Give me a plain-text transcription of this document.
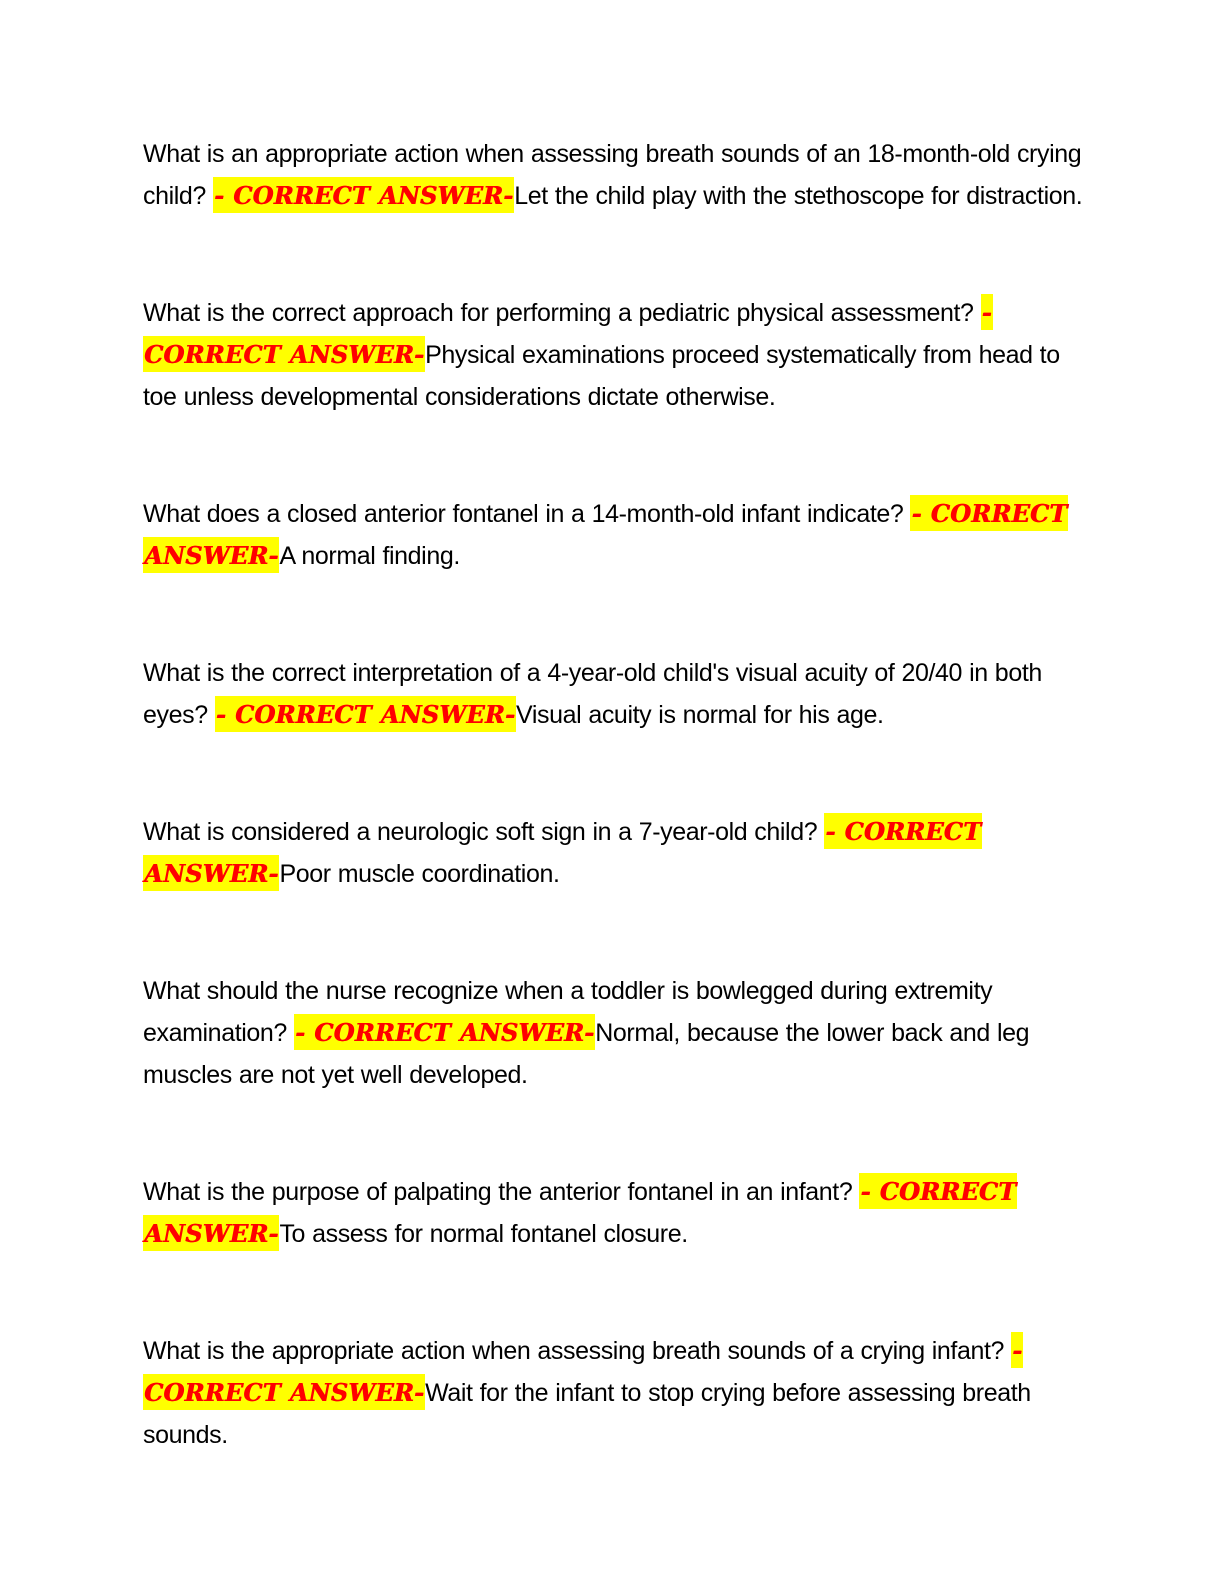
What is an appropriate action when assessing breath sounds of an 18-month-old crying child? - CORRECT ANSWER-Let the child play with the stethoscope for distraction.

What is the correct approach for performing a pediatric physical assessment? - CORRECT ANSWER-Physical examinations proceed systematically from head to toe unless developmental considerations dictate otherwise.

What does a closed anterior fontanel in a 14-month-old infant indicate? - CORRECT ANSWER-A normal finding.

What is the correct interpretation of a 4-year-old child's visual acuity of 20/40 in both eyes? - CORRECT ANSWER-Visual acuity is normal for his age.

What is considered a neurologic soft sign in a 7-year-old child? - CORRECT ANSWER-Poor muscle coordination.

What should the nurse recognize when a toddler is bowlegged during extremity examination? - CORRECT ANSWER-Normal, because the lower back and leg muscles are not yet well developed.

What is the purpose of palpating the anterior fontanel in an infant? - CORRECT ANSWER-To assess for normal fontanel closure.

What is the appropriate action when assessing breath sounds of a crying infant? - CORRECT ANSWER-Wait for the infant to stop crying before assessing breath sounds.
